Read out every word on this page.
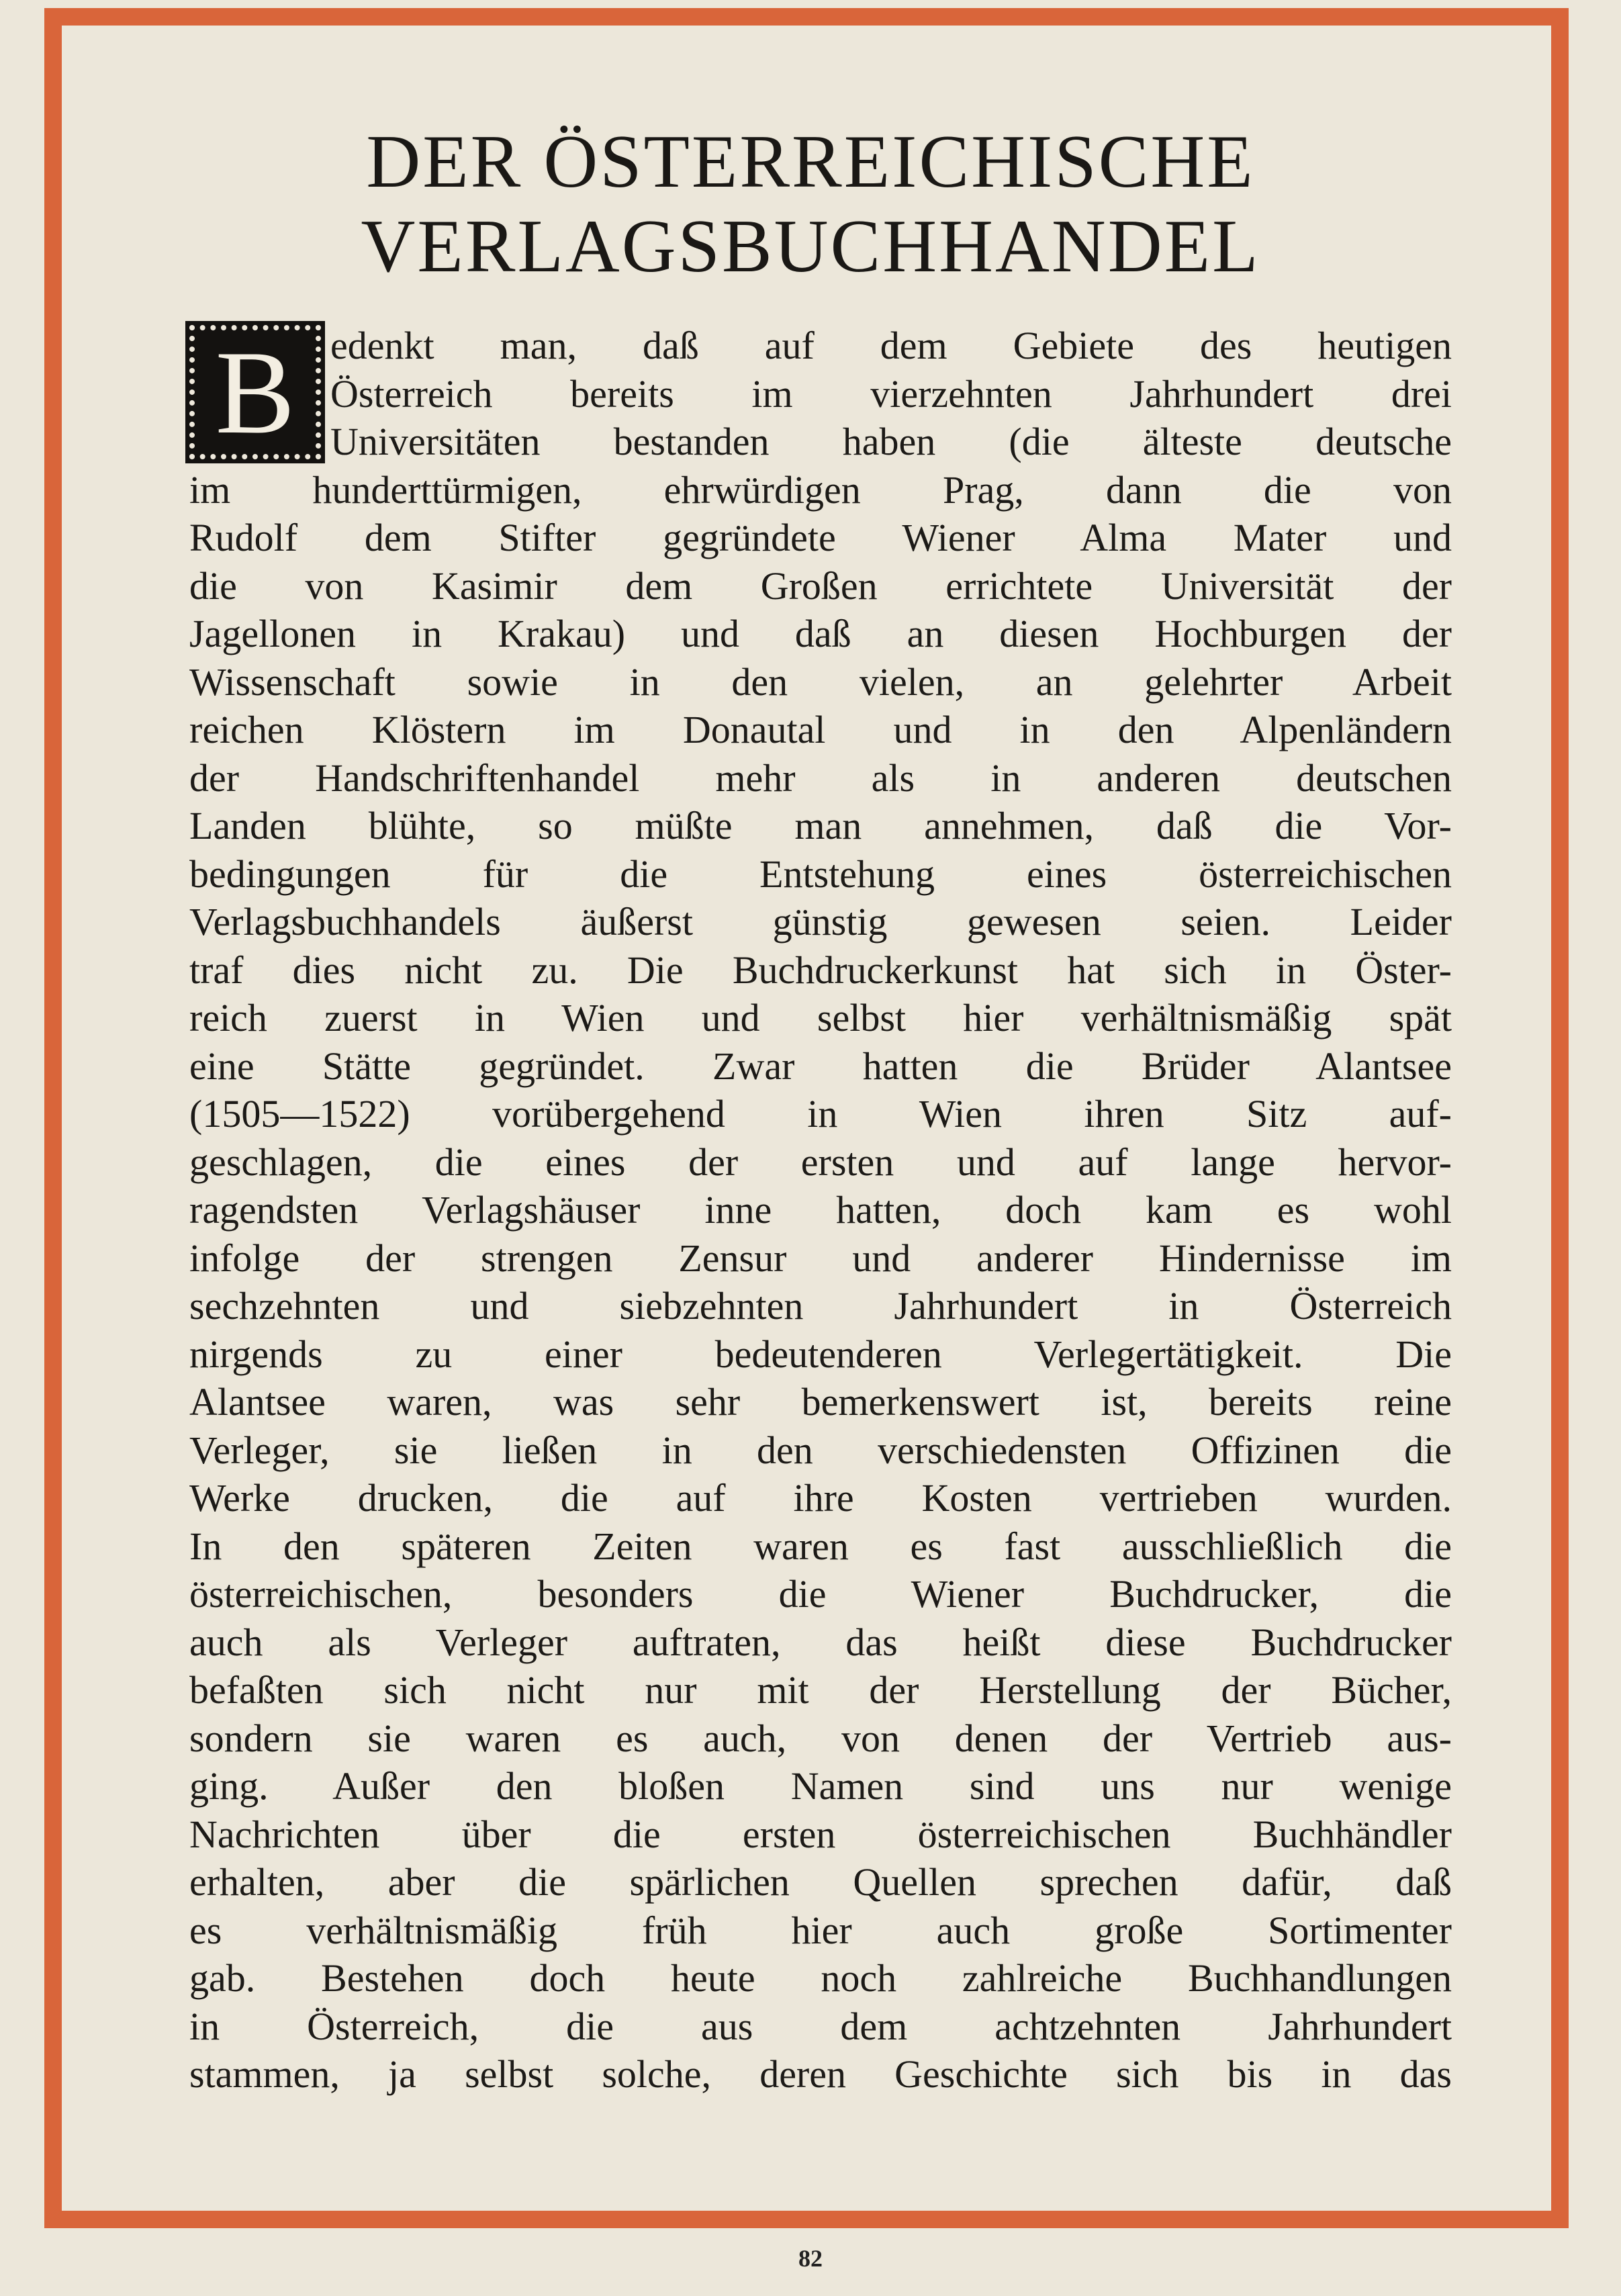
DER ÖSTERREICHISCHE
VERLAGSBUCHHANDEL
B edenkt man, daß auf dem Gebiete des heutigen
Österreich bereits im vierzehnten Jahrhundert drei
Universitäten bestanden haben (die älteste deutsche
im hunderttürmigen, ehrwürdigen Prag, dann die von
Rudolf dem Stifter gegründete Wiener Alma Mater und
die von Kasimir dem Großen errichtete Universität der
Jagellonen in Krakau) und daß an diesen Hochburgen der
Wissenschaft sowie in den vielen, an gelehrter Arbeit
reichen Klöstern im Donautal und in den Alpenländern
der Handschriftenhandel mehr als in anderen deutschen
Landen blühte, so müßte man annehmen, daß die Vor-
bedingungen für die Entstehung eines österreichischen
Verlagsbuchhandels äußerst günstig gewesen seien. Leider
traf dies nicht zu. Die Buchdruckerkunst hat sich in Öster-
reich zuerst in Wien und selbst hier verhältnismäßig spät
eine Stätte gegründet. Zwar hatten die Brüder Alantsee
(1505—1522) vorübergehend in Wien ihren Sitz auf-
geschlagen, die eines der ersten und auf lange hervor-
ragendsten Verlagshäuser inne hatten, doch kam es wohl
infolge der strengen Zensur und anderer Hindernisse im
sechzehnten und siebzehnten Jahrhundert in Österreich
nirgends zu einer bedeutenderen Verlegertätigkeit. Die
Alantsee waren, was sehr bemerkenswert ist, bereits reine
Verleger, sie ließen in den verschiedensten Offizinen die
Werke drucken, die auf ihre Kosten vertrieben wurden.
In den späteren Zeiten waren es fast ausschließlich die
österreichischen, besonders die Wiener Buchdrucker, die
auch als Verleger auftraten, das heißt diese Buchdrucker
befaßten sich nicht nur mit der Herstellung der Bücher,
sondern sie waren es auch, von denen der Vertrieb aus-
ging. Außer den bloßen Namen sind uns nur wenige
Nachrichten über die ersten österreichischen Buchhändler
erhalten, aber die spärlichen Quellen sprechen dafür, daß
es verhältnismäßig früh hier auch große Sortimenter
gab. Bestehen doch heute noch zahlreiche Buchhandlungen
in Österreich, die aus dem achtzehnten Jahrhundert
stammen, ja selbst solche, deren Geschichte sich bis in das
82
